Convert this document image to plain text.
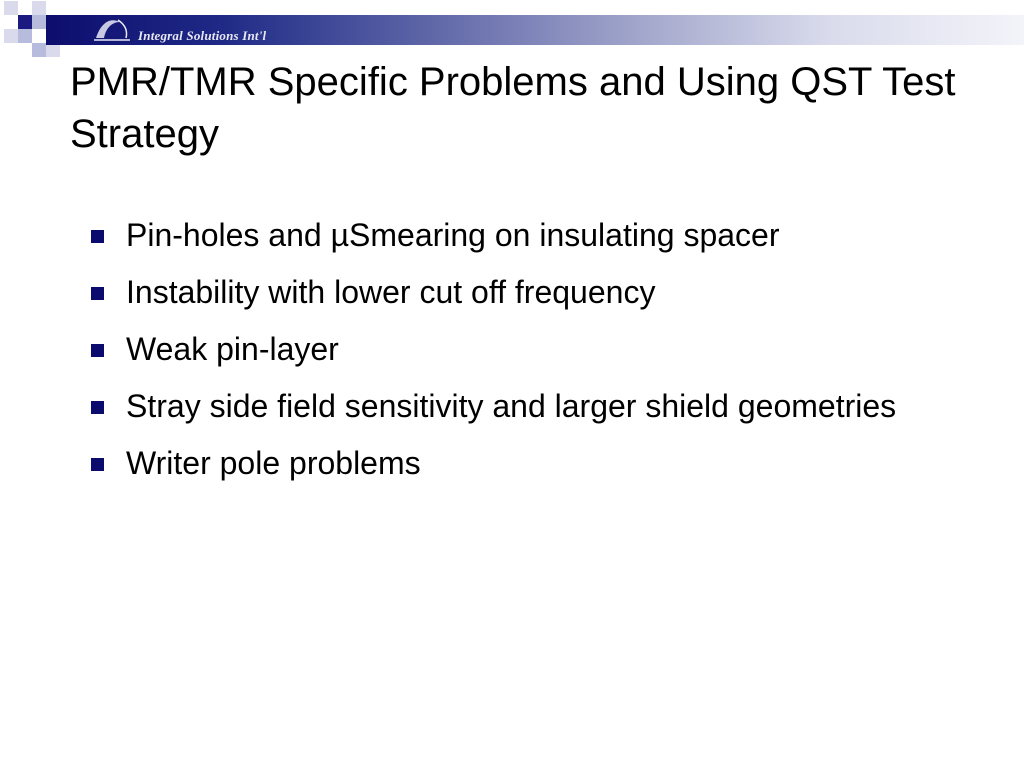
ISI Integral Solutions Int'l
PMR/TMR Specific Problems and Using QST Test Strategy
Pin-holes and µSmearing on insulating spacer
Instability with lower cut off frequency
Weak pin-layer
Stray side field sensitivity and larger shield geometries
Writer pole problems
